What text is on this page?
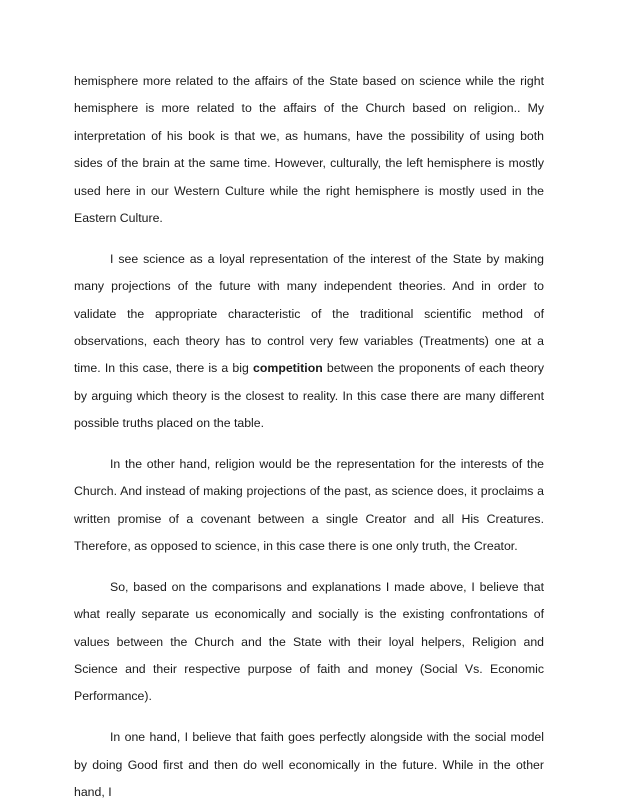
hemisphere more related to the affairs of the State based on science while the right hemisphere is more related to the affairs of the Church based on religion.. My interpretation of his book is that we, as humans, have the possibility of using both sides of the brain at the same time. However, culturally, the left hemisphere is mostly used here in our Western Culture while the right hemisphere is mostly used in the Eastern Culture.

I see science as a loyal representation of the interest of the State by making many projections of the future with many independent theories. And in order to validate the appropriate characteristic of the traditional scientific method of observations, each theory has to control very few variables (Treatments) one at a time. In this case, there is a big competition between the proponents of each theory by arguing which theory is the closest to reality. In this case there are many different possible truths placed on the table.

In the other hand, religion would be the representation for the interests of the Church. And instead of making projections of the past, as science does, it proclaims a written promise of a covenant between a single Creator and all His Creatures. Therefore, as opposed to science, in this case there is one only truth, the Creator.

So, based on the comparisons and explanations I made above, I believe that what really separate us economically and socially is the existing confrontations of values between the Church and the State with their loyal helpers, Religion and Science and their respective purpose of faith and money (Social Vs. Economic Performance).

In one hand, I believe that faith goes perfectly alongside with the social model by doing Good first and then do well economically in the future. While in the other hand, I
